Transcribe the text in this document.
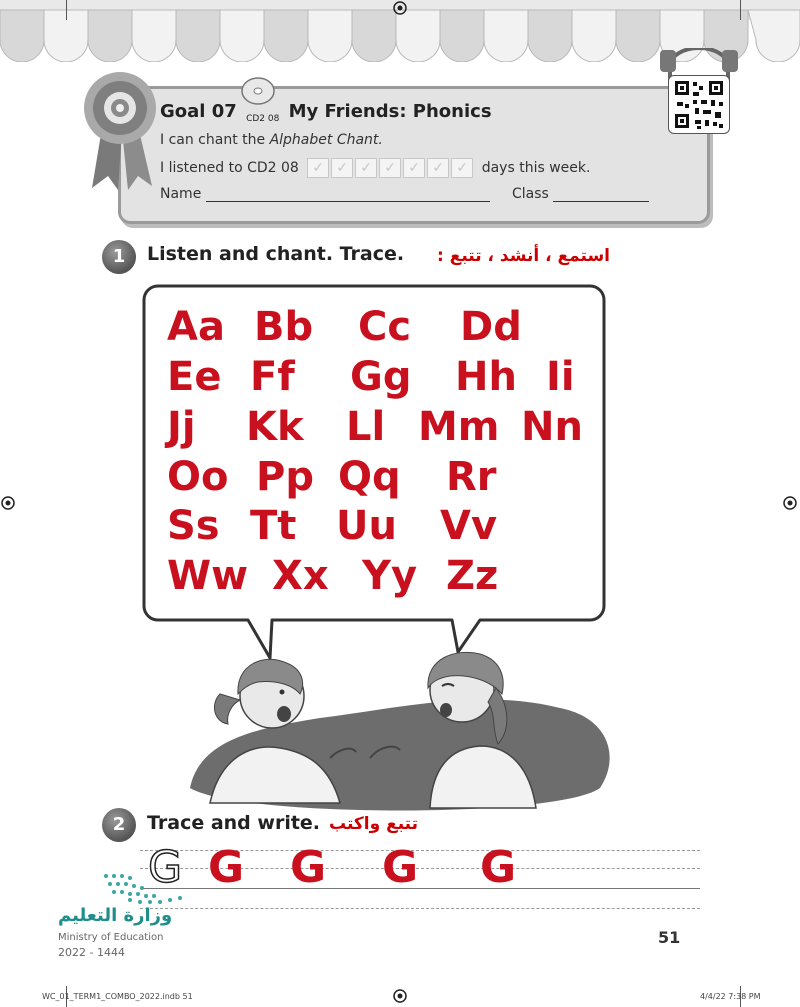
Goal 07 $_{CD2 08}$ My Friends: Phonics
I can chant the Alphabet Chant.
I listened to CD2 08 ✓ ✓ ✓ ✓ ✓ ✓ ✓ days this week.
Name	Class
1	Listen and chant. Trace.	استمع ، أنشد ، تتبع :
Aa Bb Cc Dd
Ee Ff Gg Hh Ii
Jj Kk Ll Mm Nn
Oo Pp Qq Rr
Ss Tt Uu Vv
Ww Xx Yy Zz
2	Trace and write. تتبع واكتب
G G G G G
وزارة التعليم
Ministry of Education
2022 - 1444
51
WC_01_TERM1_COMBO_2022.indb 51	4/4/22 7:38 PM
